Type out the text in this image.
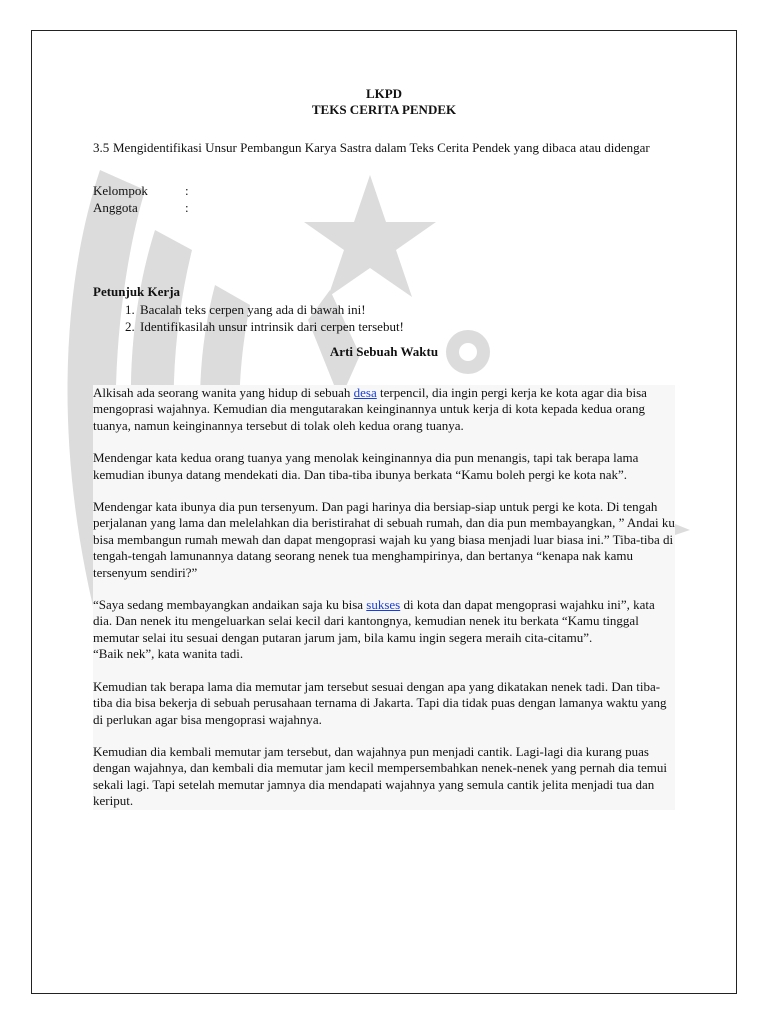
LKPD
TEKS CERITA PENDEK
3.5 Mengidentifikasi Unsur Pembangun Karya Sastra dalam Teks Cerita Pendek yang dibaca atau didengar
Kelompok	:
Anggota	:
Petunjuk Kerja
1. Bacalah teks cerpen yang ada di bawah ini!
2. Identifikasilah unsur intrinsik dari cerpen tersebut!
Arti Sebuah Waktu

Alkisah ada seorang wanita yang hidup di sebuah desa terpencil, dia ingin pergi kerja ke kota agar dia bisa mengoprasi wajahnya. Kemudian dia mengutarakan keinginannya untuk kerja di kota kepada kedua orang tuanya, namun keinginannya tersebut di tolak oleh kedua orang tuanya.

Mendengar kata kedua orang tuanya yang menolak keinginannya dia pun menangis, tapi tak berapa lama kemudian ibunya datang mendekati dia. Dan tiba-tiba ibunya berkata “Kamu boleh pergi ke kota nak”.

Mendengar kata ibunya dia pun tersenyum. Dan pagi harinya dia bersiap-siap untuk pergi ke kota. Di tengah perjalanan yang lama dan melelahkan dia beristirahat di sebuah rumah, dan dia pun membayangkan, ” Andai ku bisa membangun rumah mewah dan dapat mengoprasi wajah ku yang biasa menjadi luar biasa ini.” Tiba-tiba di tengah-tengah lamunannya datang seorang nenek tua menghampirinya, dan bertanya “kenapa nak kamu tersenyum sendiri?”

“Saya sedang membayangkan andaikan saja ku bisa sukses di kota dan dapat mengoprasi wajahku ini”, kata dia. Dan nenek itu mengeluarkan selai kecil dari kantongnya, kemudian nenek itu berkata “Kamu tinggal memutar selai itu sesuai dengan putaran jarum jam, bila kamu ingin segera meraih cita-citamu”.
“Baik nek”, kata wanita tadi.

Kemudian tak berapa lama dia memutar jam tersebut sesuai dengan apa yang dikatakan nenek tadi. Dan tiba-tiba dia bisa bekerja di sebuah perusahaan ternama di Jakarta. Tapi dia tidak puas dengan lamanya waktu yang di perlukan agar bisa mengoprasi wajahnya.

Kemudian dia kembali memutar jam tersebut, dan wajahnya pun menjadi cantik. Lagi-lagi dia kurang puas dengan wajahnya, dan kembali dia memutar jam kecil mempersembahkan nenek-nenek yang pernah dia temui sekali lagi. Tapi setelah memutar jamnya dia mendapati wajahnya yang semula cantik jelita menjadi tua dan keriput.
